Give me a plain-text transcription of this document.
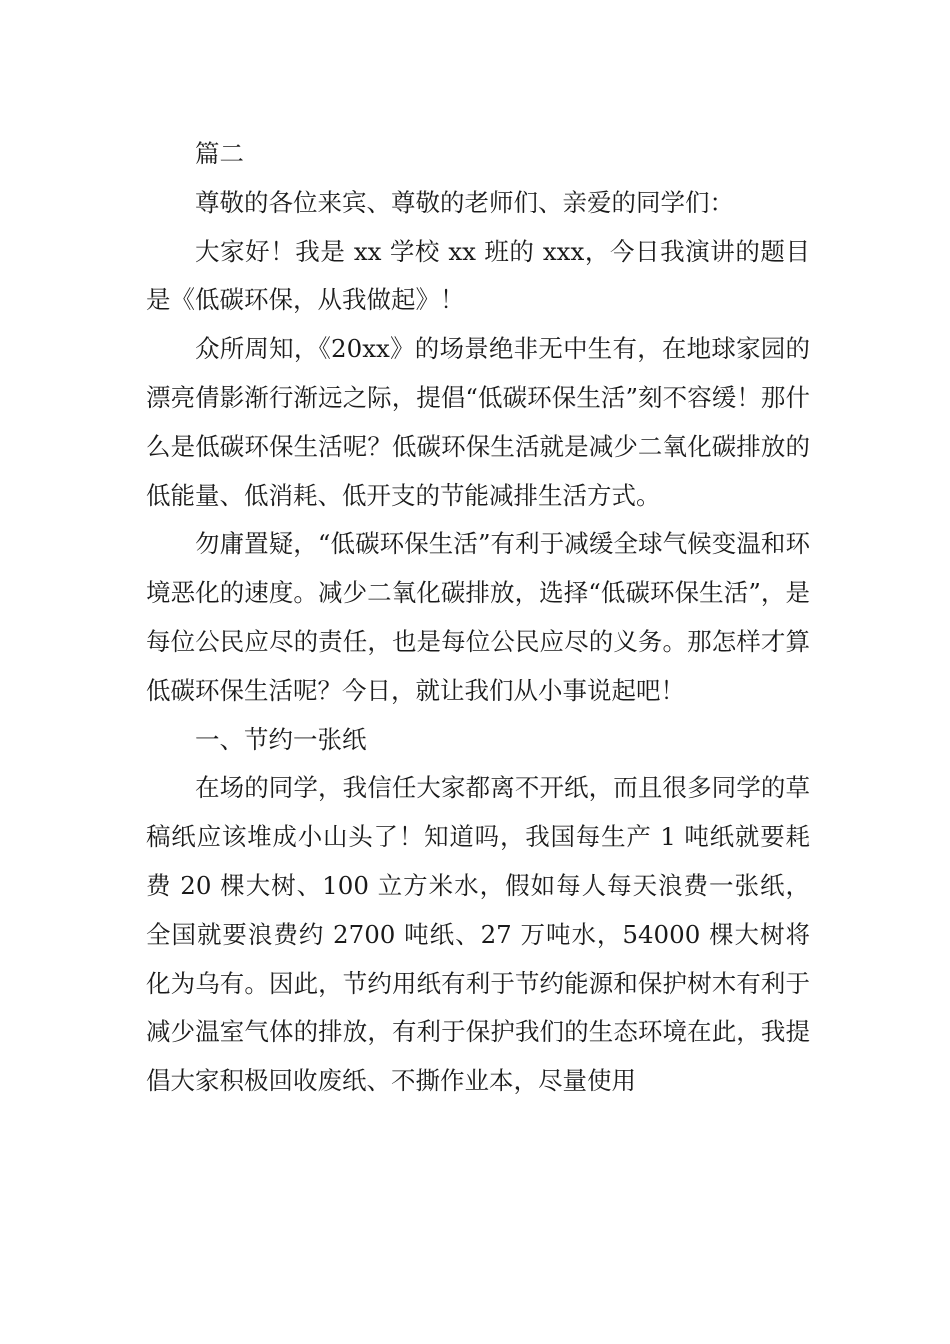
篇二

尊敬的各位来宾、尊敬的老师们、亲爱的同学们：

大家好！我是 xx 学校 xx 班的 xxx，今日我演讲的题目是《低碳环保，从我做起》！

众所周知，《20xx》的场景绝非无中生有，在地球家园的漂亮倩影渐行渐远之际，提倡“低碳环保生活”刻不容缓！那什么是低碳环保生活呢？低碳环保生活就是减少二氧化碳排放的低能量、低消耗、低开支的节能减排生活方式。

勿庸置疑，“低碳环保生活”有利于减缓全球气候变温和环境恶化的速度。减少二氧化碳排放，选择“低碳环保生活”，是每位公民应尽的责任，也是每位公民应尽的义务。那怎样才算低碳环保生活呢？今日，就让我们从小事说起吧！

一、节约一张纸

在场的同学，我信任大家都离不开纸，而且很多同学的草稿纸应该堆成小山头了！知道吗，我国每生产 1 吨纸就要耗费 20 棵大树、100 立方米水，假如每人每天浪费一张纸，全国就要浪费约 2700 吨纸、27 万吨水，54000 棵大树将化为乌有。因此，节约用纸有利于节约能源和保护树木有利于减少温室气体的排放，有利于保护我们的生态环境在此，我提倡大家积极回收废纸、不撕作业本，尽量使用
